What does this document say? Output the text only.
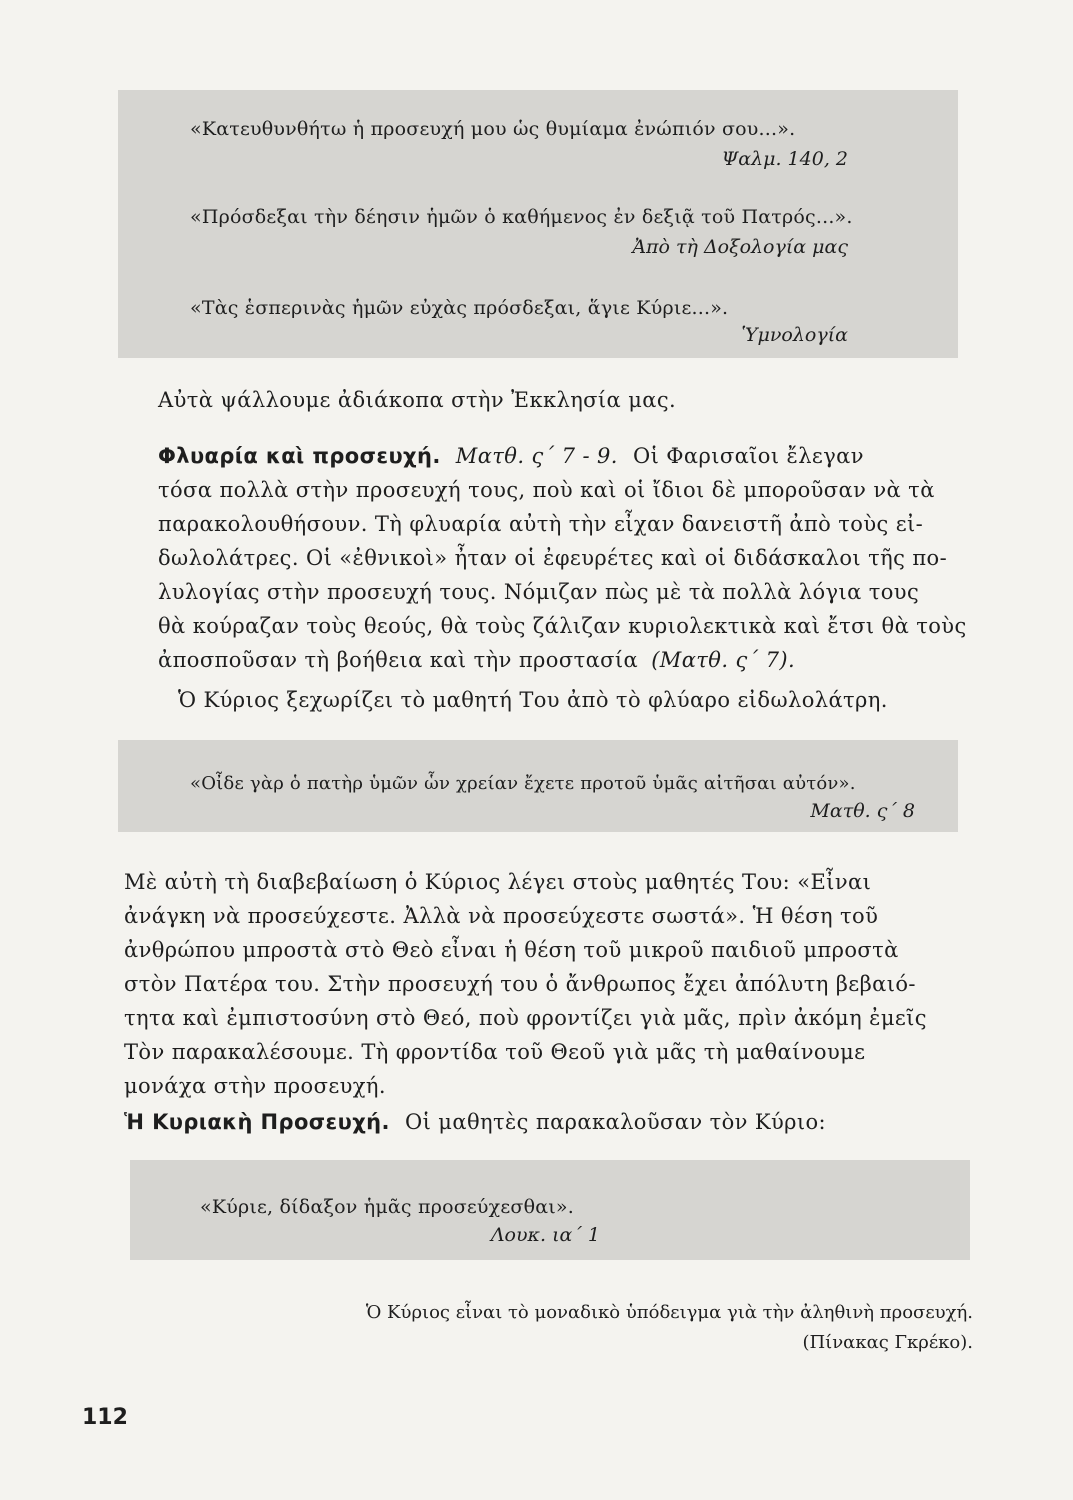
«Κατευθυνθήτω ἡ προσευχή μου ὡς θυμίαμα ἐνώπιόν σου...».
Ψαλμ. 140, 2
«Πρόσδεξαι τὴν δέησιν ἡμῶν ὁ καθήμενος ἐν δεξιᾷ τοῦ Πατρός...».
Ἀπὸ τὴ Δοξολογία μας
«Τὰς ἑσπερινὰς ἡμῶν εὐχὰς πρόσδεξαι, ἅγιε Κύριε...».
Ὑμνολογία
Αὐτὰ ψάλλουμε ἀδιάκοπα στὴν Ἐκκλησία μας.
Φλυαρία καὶ προσευχή. Ματθ. ς΄ 7 - 9. Οἱ Φαρισαῖοι ἔλεγαν
τόσα πολλὰ στὴν προσευχή τους, ποὺ καὶ οἱ ἴδιοι δὲ μποροῦσαν νὰ τὰ
παρακολουθήσουν. Τὴ φλυαρία αὐτὴ τὴν εἶχαν δανειστῆ ἀπὸ τοὺς εἰ-
δωλολάτρες. Οἱ «ἐθνικοὶ» ἦταν οἱ ἐφευρέτες καὶ οἱ διδάσκαλοι τῆς πο-
λυλογίας στὴν προσευχή τους. Νόμιζαν πὼς μὲ τὰ πολλὰ λόγια τους
θὰ κούραζαν τοὺς θεούς, θὰ τοὺς ζάλιζαν κυριολεκτικὰ καὶ ἔτσι θὰ τοὺς
ἀποσποῦσαν τὴ βοήθεια καὶ τὴν προστασία (Ματθ. ς΄ 7).
Ὁ Κύριος ξεχωρίζει τὸ μαθητή Του ἀπὸ τὸ φλύαρο εἰδωλολάτρη.
«Οἶδε γὰρ ὁ πατὴρ ὑμῶν ὧν χρείαν ἔχετε προτοῦ ὑμᾶς αἰτῆσαι αὐτόν».
Ματθ. ς΄ 8
Μὲ αὐτὴ τὴ διαβεβαίωση ὁ Κύριος λέγει στοὺς μαθητές Του: «Εἶναι
ἀνάγκη νὰ προσεύχεστε. Ἀλλὰ νὰ προσεύχεστε σωστά». Ἡ θέση τοῦ
ἀνθρώπου μπροστὰ στὸ Θεὸ εἶναι ἡ θέση τοῦ μικροῦ παιδιοῦ μπροστὰ
στὸν Πατέρα του. Στὴν προσευχή του ὁ ἄνθρωπος ἔχει ἀπόλυτη βεβαιό-
τητα καὶ ἐμπιστοσύνη στὸ Θεό, ποὺ φροντίζει γιὰ μᾶς, πρὶν ἀκόμη ἐμεῖς
Τὸν παρακαλέσουμε. Τὴ φροντίδα τοῦ Θεοῦ γιὰ μᾶς τὴ μαθαίνουμε
μονάχα στὴν προσευχή.
Ἡ Κυριακὴ Προσευχή. Οἱ μαθητὲς παρακαλοῦσαν τὸν Κύριο:
«Κύριε, δίδαξον ἡμᾶς προσεύχεσθαι».
Λουκ. ια΄ 1
Ὁ Κύριος εἶναι τὸ μοναδικὸ ὑπόδειγμα γιὰ τὴν ἀληθινὴ προσευχή.
(Πίνακας Γκρέκο).
112
